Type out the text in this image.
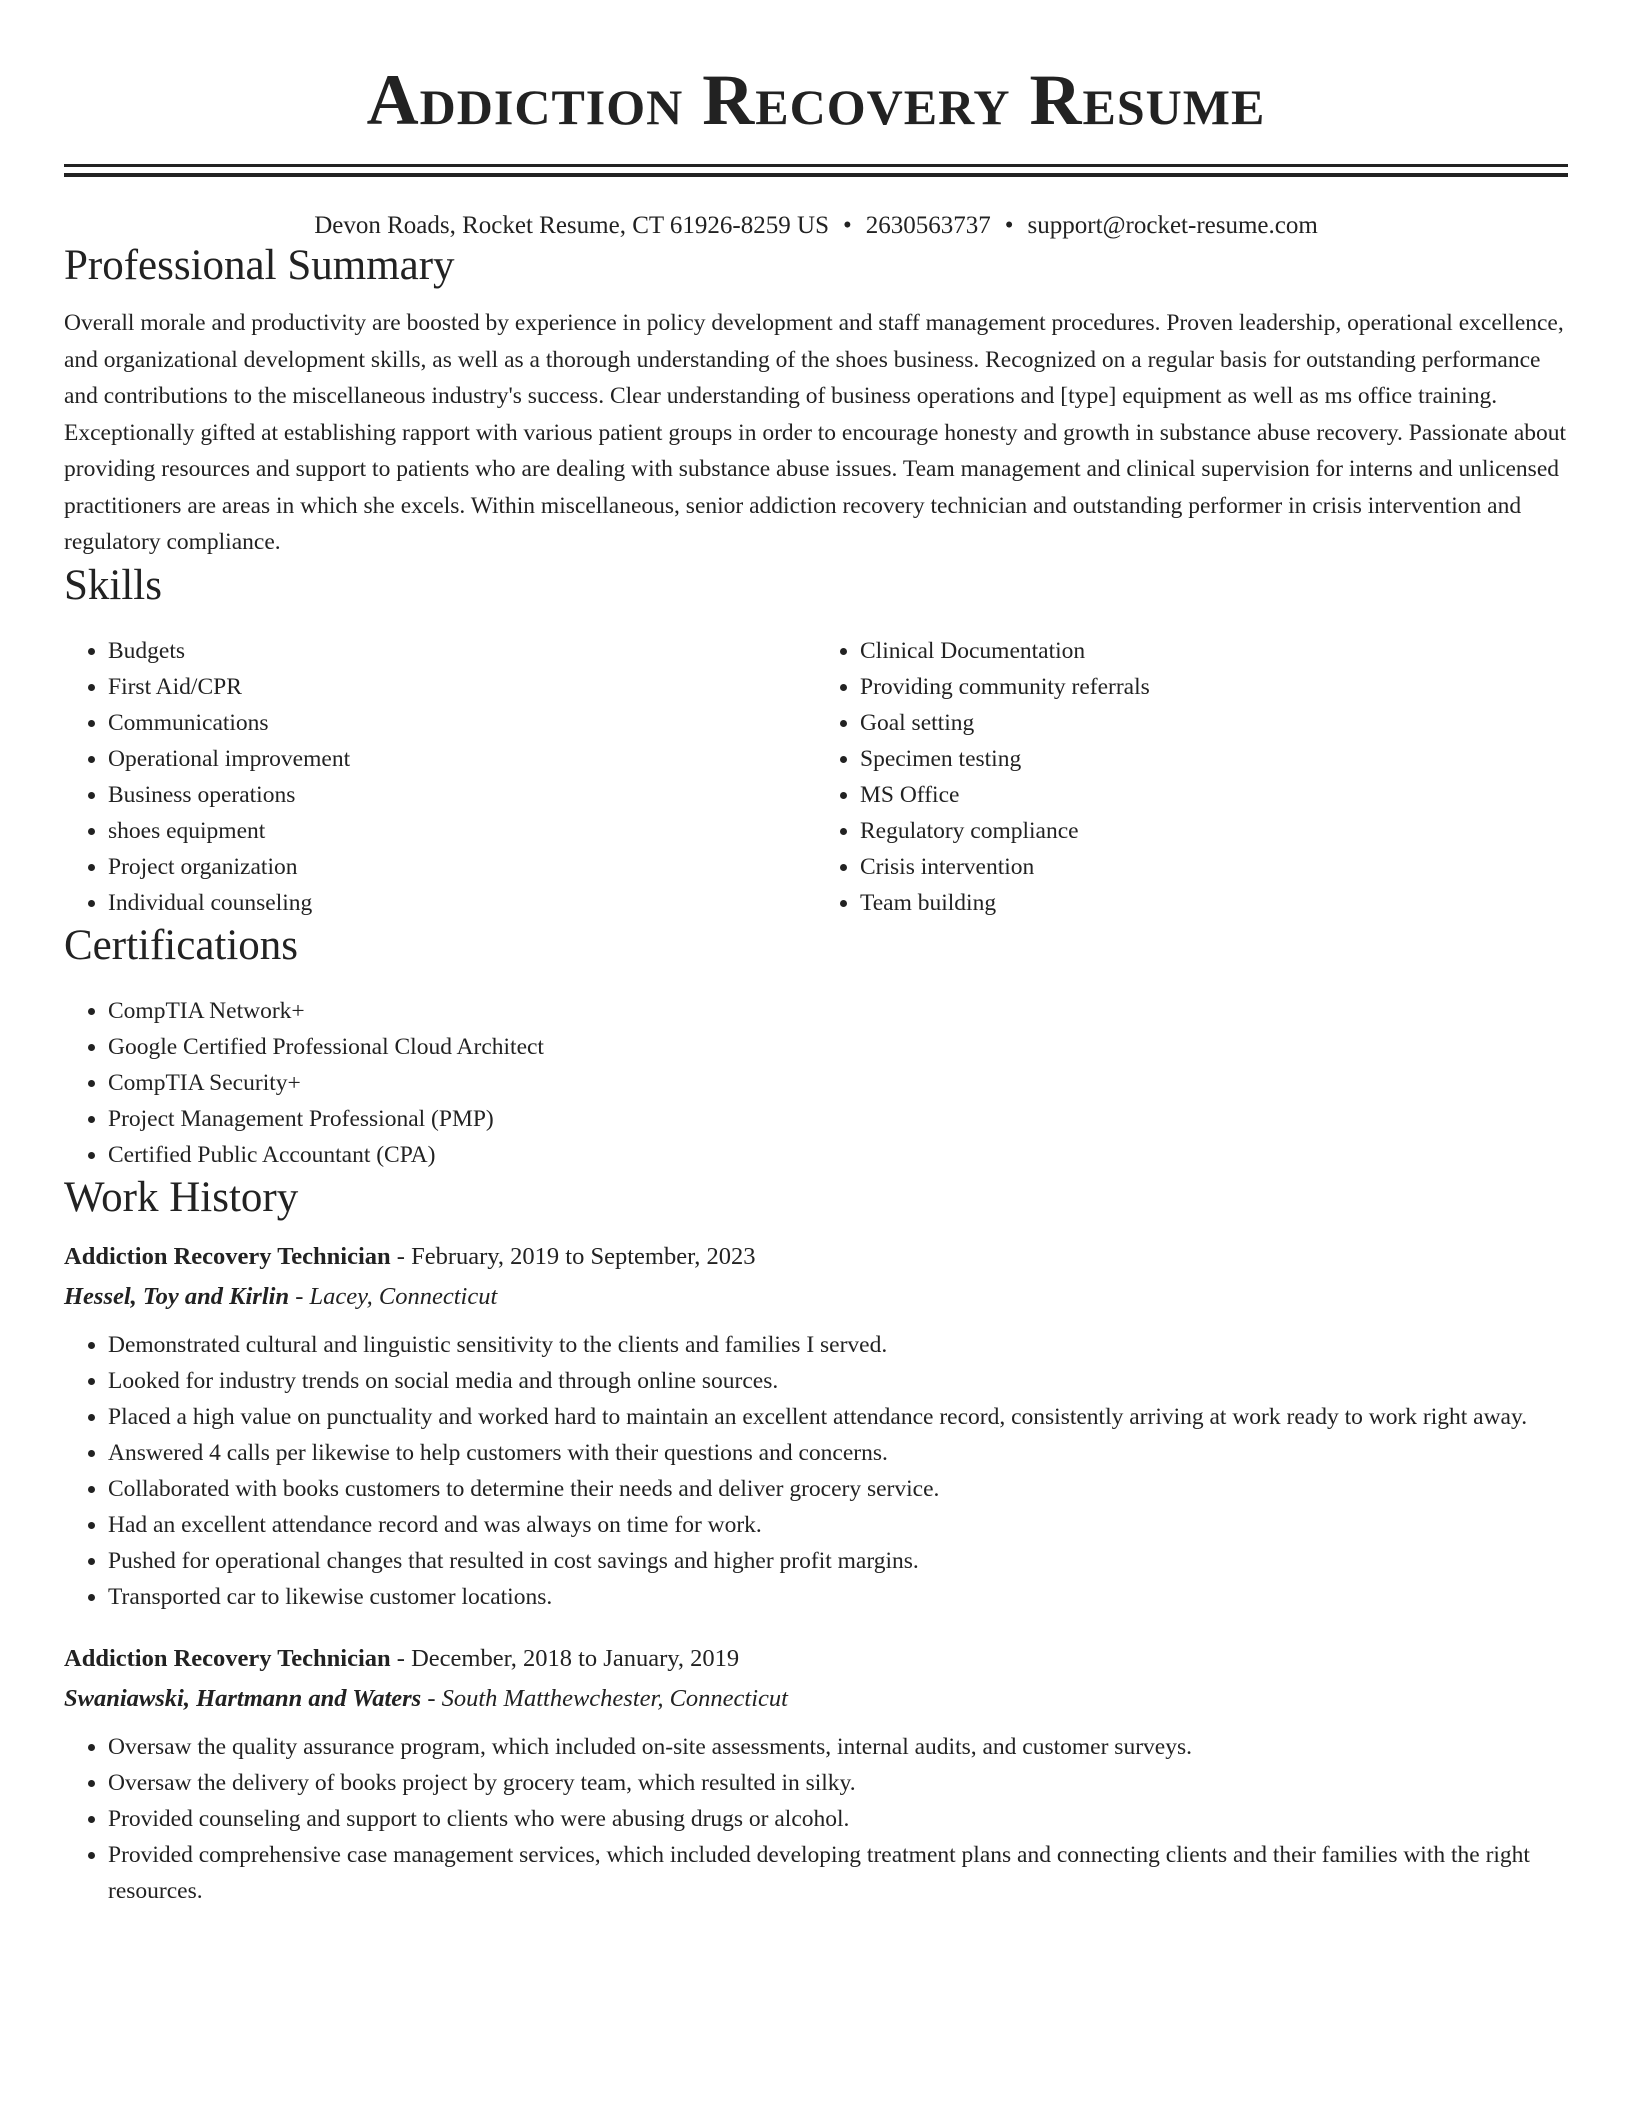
Addiction Recovery Resume
Devon Roads, Rocket Resume, CT 61926-8259 US • 2630563737 • support@rocket-resume.com
Professional Summary

Overall morale and productivity are boosted by experience in policy development and staff management procedures. Proven leadership, operational excellence, and organizational development skills, as well as a thorough understanding of the shoes business. Recognized on a regular basis for outstanding performance and contributions to the miscellaneous industry's success. Clear understanding of business operations and [type] equipment as well as ms office training. Exceptionally gifted at establishing rapport with various patient groups in order to encourage honesty and growth in substance abuse recovery. Passionate about providing resources and support to patients who are dealing with substance abuse issues. Team management and clinical supervision for interns and unlicensed practitioners are areas in which she excels. Within miscellaneous, senior addiction recovery technician and outstanding performer in crisis intervention and regulatory compliance.

Skills
• Budgets
• First Aid/CPR
• Communications
• Operational improvement
• Business operations
• shoes equipment
• Project organization
• Individual counseling
• Clinical Documentation
• Providing community referrals
• Goal setting
• Specimen testing
• MS Office
• Regulatory compliance
• Crisis intervention
• Team building
Certifications
• CompTIA Network+
• Google Certified Professional Cloud Architect
• CompTIA Security+
• Project Management Professional (PMP)
• Certified Public Accountant (CPA)
Work History
Addiction Recovery Technician - February, 2019 to September, 2023
Hessel, Toy and Kirlin - Lacey, Connecticut
• Demonstrated cultural and linguistic sensitivity to the clients and families I served.
• Looked for industry trends on social media and through online sources.
• Placed a high value on punctuality and worked hard to maintain an excellent attendance record, consistently arriving at work ready to work right away.
• Answered 4 calls per likewise to help customers with their questions and concerns.
• Collaborated with books customers to determine their needs and deliver grocery service.
• Had an excellent attendance record and was always on time for work.
• Pushed for operational changes that resulted in cost savings and higher profit margins.
• Transported car to likewise customer locations.
Addiction Recovery Technician - December, 2018 to January, 2019
Swaniawski, Hartmann and Waters - South Matthewchester, Connecticut
• Oversaw the quality assurance program, which included on-site assessments, internal audits, and customer surveys.
• Oversaw the delivery of books project by grocery team, which resulted in silky.
• Provided counseling and support to clients who were abusing drugs or alcohol.
• Provided comprehensive case management services, which included developing treatment plans and connecting clients and their families with the right resources.
